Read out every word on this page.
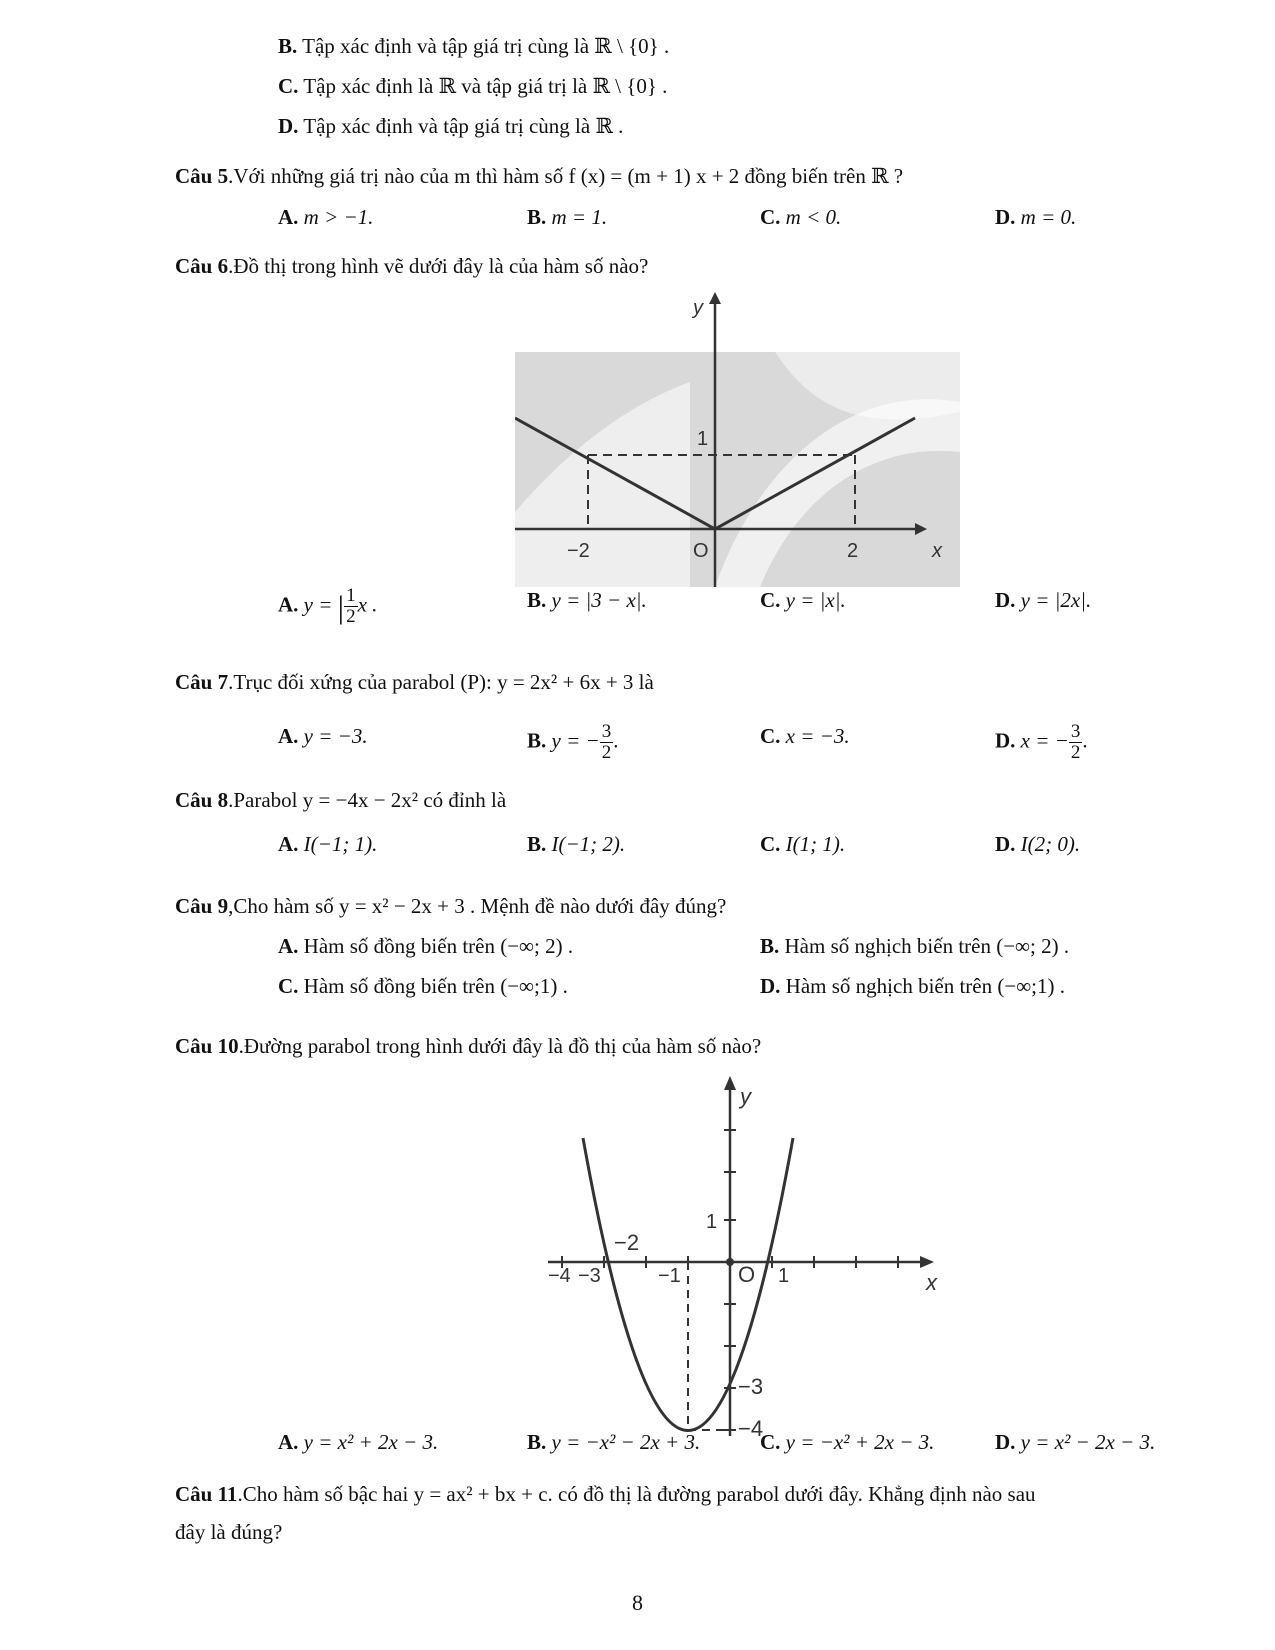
B. Tập xác định và tập giá trị cùng là ℝ \ {0} .
C. Tập xác định là ℝ và tập giá trị là ℝ \ {0} .
D. Tập xác định và tập giá trị cùng là ℝ .
Câu 5.Với những giá trị nào của m thì hàm số f (x) = (m + 1) x + 2 đồng biến trên ℝ ?
A. m > −1.	B. m = 1.	C. m < 0.	D. m = 0.
Câu 6.Đồ thị trong hình vẽ dưới đây là của hàm số nào?
y
x
1
−2	O	2
A. y = | $\frac{1}{2}$ x .	B. y = |3 − x|.	C. y = |x|.	D. y = |2x|.
Câu 7.Trục đối xứng của parabol (P): y = 2x² + 6x + 3 là
A. y = −3.	B. y = − $\frac{3}{2}$ .	C. x = −3.	D. x = − $\frac{3}{2}$ .
Câu 8.Parabol y = −4x − 2x² có đỉnh là
A. I(−1; 1).	B. I(−1; 2).	C. I(1; 1).	D. I(2; 0).
Câu 9,Cho hàm số y = x² − 2x + 3 . Mệnh đề nào dưới đây đúng?
A. Hàm số đồng biến trên (−∞; 2) .	B. Hàm số nghịch biến trên (−∞; 2) .
C. Hàm số đồng biến trên (−∞;1) .	D. Hàm số nghịch biến trên (−∞;1) .
Câu 10.Đường parabol trong hình dưới đây là đồ thị của hàm số nào?
y
x
O
1
−2
−4 −3	−1	1
−3
−4
A. y = x² + 2x − 3.	B. y = −x² − 2x + 3.	C. y = −x² + 2x − 3.	D. y = x² − 2x − 3.
Câu 11.Cho hàm số bậc hai y = ax² + bx + c. có đồ thị là đường parabol dưới đây. Khẳng định nào sau
đây là đúng?
8
